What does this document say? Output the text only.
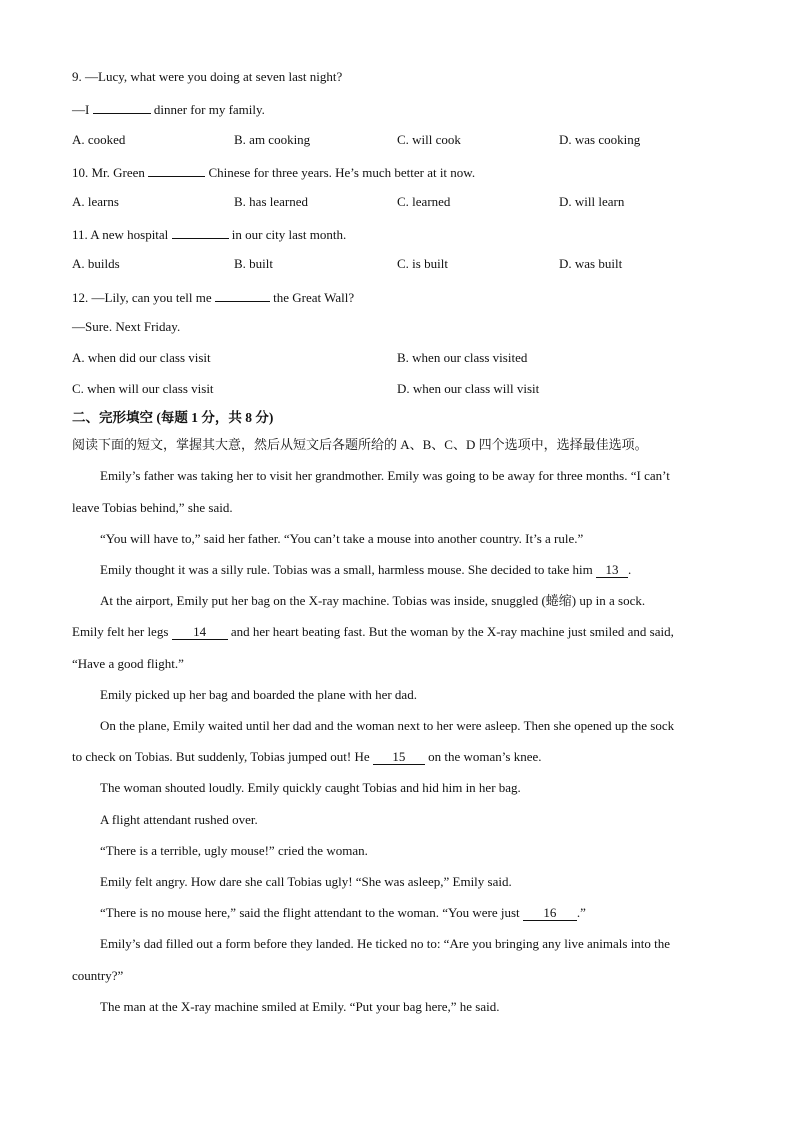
9. —Lucy, what were you doing at seven last night?
—I	dinner for my family.
A. cooked	B. am cooking	C. will cook	D. was cooking
10. Mr. Green	Chinese for three years. He’s much better at it now.
A. learns	B. has learned	C. learned	D. will learn
11. A new hospital	in our city last month.
A. builds	B. built	C. is built	D. was built
12. —Lily, can you tell me	the Great Wall?
—Sure. Next Friday.
A. when did our class visit	B. when our class visited
C. when will our class visit	D. when our class will visit
二、完形填空 (每题 1 分，共 8 分)
阅读下面的短文，掌握其大意，然后从短文后各题所给的 A、B、C、D 四个选项中，选择最佳选项。
Emily’s father was taking her to visit her grandmother. Emily was going to be away for three months. “I can’t
leave Tobias behind,” she said.
“You will have to,” said her father. “You can’t take a mouse into another country. It’s a rule.”
Emily thought it was a silly rule. Tobias was a small, harmless mouse. She decided to take him 13 .
At the airport, Emily put her bag on the X-ray machine. Tobias was inside, snuggled (蜷缩) up in a sock.
Emily felt her legs 14 and her heart beating fast. But the woman by the X-ray machine just smiled and said,
“Have a good flight.”
Emily picked up her bag and boarded the plane with her dad.
On the plane, Emily waited until her dad and the woman next to her were asleep. Then she opened up the sock
to check on Tobias. But suddenly, Tobias jumped out! He 15 on the woman’s knee.
The woman shouted loudly. Emily quickly caught Tobias and hid him in her bag.
A flight attendant rushed over.
“There is a terrible, ugly mouse!” cried the woman.
Emily felt angry. How dare she call Tobias ugly! “She was asleep,” Emily said.
“There is no mouse here,” said the flight attendant to the woman. “You were just 16 .”
Emily’s dad filled out a form before they landed. He ticked no to: “Are you bringing any live animals into the
country?”
The man at the X-ray machine smiled at Emily. “Put your bag here,” he said.
